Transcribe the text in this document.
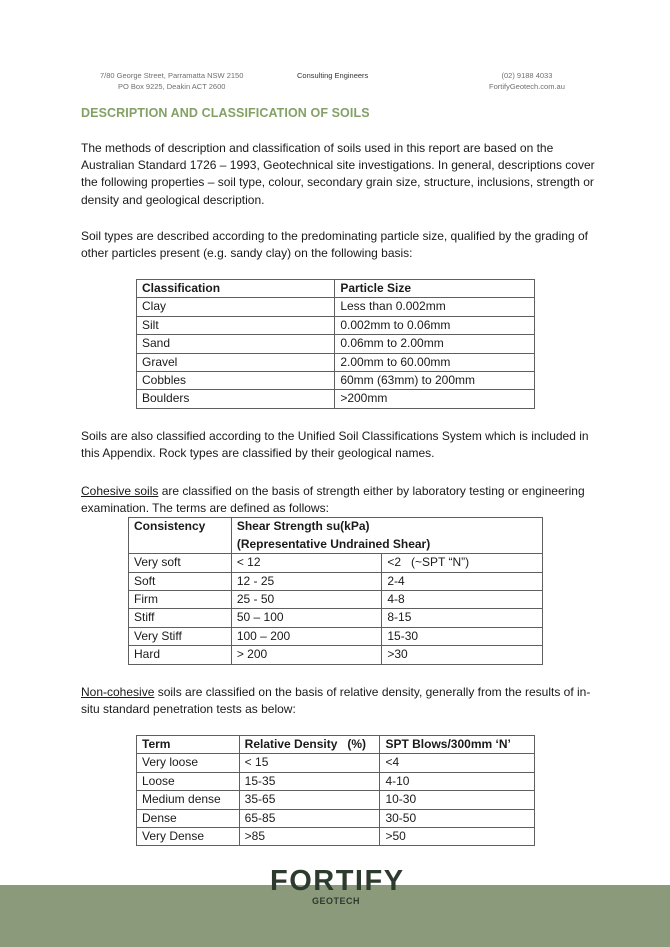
7/80 George Street, Parramatta NSW 2150
PO Box 9225, Deakin ACT 2600
Consulting Engineers	(02) 9188 4033
FortifyGeotech.com.au
DESCRIPTION AND CLASSIFICATION OF SOILS

The methods of description and classification of soils used in this report are based on the Australian Standard 1726 – 1993, Geotechnical site investigations. In general, descriptions cover the following properties – soil type, colour, secondary grain size, structure, inclusions, strength or density and geological description.

Soil types are described according to the predominating particle size, qualified by the grading of other particles present (e.g. sandy clay) on the following basis:

Classification	Particle Size
Clay	Less than 0.002mm
Silt	0.002mm to 0.06mm
Sand	0.06mm to 2.00mm
Gravel	2.00mm to 60.00mm
Cobbles	60mm (63mm) to 200mm
Boulders	>200mm

Soils are also classified according to the Unified Soil Classifications System which is included in this Appendix. Rock types are classified by their geological names.

Cohesive soils are classified on the basis of strength either by laboratory testing or engineering examination. The terms are defined as follows:

Consistency	Shear Strength su(kPa)
(Representative Undrained Shear)	

Very soft	< 12	<2   (~SPT “N”)
Soft	12 - 25	2-4
Firm	25 - 50	4-8
Stiff	50 – 100	8-15
Very Stiff	100 – 200	15-30
Hard	> 200	>30

Non-cohesive soils are classified on the basis of relative density, generally from the results of in-situ standard penetration tests as below:

Term	Relative Density   (%)	SPT Blows/300mm ‘N’
Very loose	< 15	<4
Loose	15-35	4-10
Medium dense	35-65	10-30
Dense	65-85	30-50
Very Dense	>85	>50
FORTIFY
GEOTECH
